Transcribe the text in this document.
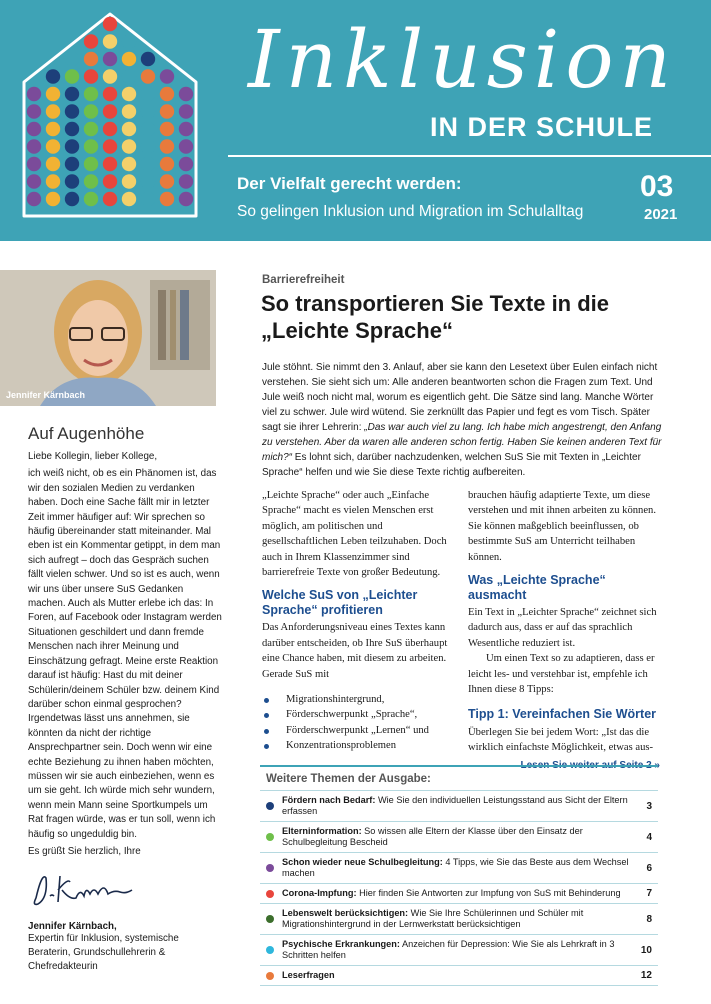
Inklusion
IN DER SCHULE
Der Vielfalt gerecht werden:
So gelingen Inklusion und Migration im Schulalltag
03
2021
Jennifer Kärnbach
Auf Augenhöhe

Liebe Kollegin, lieber Kollege,

ich weiß nicht, ob es ein Phänomen ist, das wir den sozialen Medien zu verdanken haben. Doch eine Sache fällt mir in letzter Zeit immer häufiger auf: Wir sprechen so häufig übereinander statt miteinander. Mal eben ist ein Kommentar getippt, in dem man sich aufregt – doch das Gespräch suchen fällt vielen schwer. Und so ist es auch, wenn wir uns über unsere SuS Gedanken machen. Auch als Mutter erlebe ich das: In Foren, auf Facebook oder Instagram werden Situationen geschildert und dann fremde Menschen nach ihrer Meinung und Einschätzung gefragt. Meine erste Reaktion darauf ist häufig: Hast du mit deiner Schülerin/deinem Schüler bzw. deinem Kind darüber schon einmal gesprochen? Irgendetwas lässt uns annehmen, sie könnten da nicht der richtige Ansprechpartner sein. Doch wenn wir eine echte Beziehung zu ihnen haben möchten, müssen wir sie auch einbeziehen, wenn es um sie geht. Ich würde mich sehr wundern, wenn mein Mann seine Sportkumpels um Rat fragen würde, was er tun soll, wenn ich häufig so ungeduldig bin.

Es grüßt Sie herzlich, Ihre

Jennifer Kärnbach,
Expertin für Inklusion, systemische Beraterin, Grundschullehrerin & Chefredakteurin
Barrierefreiheit
So transportieren Sie Texte in die „Leichte Sprache“
Jule stöhnt. Sie nimmt den 3. Anlauf, aber sie kann den Lesetext über Eulen einfach nicht verstehen. Sie sieht sich um: Alle anderen beantworten schon die Fragen zum Text. Und Jule weiß noch nicht mal, worum es eigentlich geht. Die Sätze sind lang. Manche Wörter viel zu schwer. Jule wird wütend. Sie zerknüllt das Papier und fegt es vom Tisch. Später sagt sie ihrer Lehrerin: „Das war auch viel zu lang. Ich habe mich angestrengt, den Anfang zu verstehen. Aber da waren alle anderen schon fertig. Haben Sie keinen anderen Text für mich?“ Es lohnt sich, darüber nachzudenken, welchen SuS Sie mit Texten in „Leichter Sprache“ helfen und wie Sie diese Texte richtig aufbereiten.

„Leichte Sprache“ oder auch „Einfache Sprache“ macht es vielen Menschen erst möglich, am politischen und gesellschaftlichen Leben teilzuhaben. Doch auch in Ihrem Klassenzimmer sind barrierefreie Texte von großer Bedeutung.

Welche SuS von „Leichter Sprache“ profitieren

Das Anforderungsniveau eines Textes kann darüber entscheiden, ob Ihre SuS überhaupt eine Chance haben, mit diesem zu arbeiten. Gerade SuS mit

Migrationshintergrund,
Förderschwerpunkt „Sprache“,
Förderschwerpunkt „Lernen“ und
Konzentrationsproblemen

brauchen häufig adaptierte Texte, um diese verstehen und mit ihnen arbeiten zu können. Sie können maßgeblich beeinflussen, ob bestimmte SuS am Unterricht teilhaben können.

Was „Leichte Sprache“ ausmacht

Ein Text in „Leichter Sprache“ zeichnet sich dadurch aus, dass er auf das sprachlich Wesentliche reduziert ist.

Um einen Text so zu adaptieren, dass er leicht les- und verstehbar ist, empfehle ich Ihnen diese 8 Tipps:

Tipp 1: Vereinfachen Sie Wörter

Überlegen Sie bei jedem Wort: „Ist das die wirklich einfachste Möglichkeit, etwas aus-

Lesen Sie weiter auf Seite 2 »
Weitere Themen der Ausgabe:
Fördern nach Bedarf: Wie Sie den individuellen Leistungsstand aus Sicht der Eltern erfassen	3
Elterninformation: So wissen alle Eltern der Klasse über den Einsatz der Schulbegleitung Bescheid	4
Schon wieder neue Schulbegleitung: 4 Tipps, wie Sie das Beste aus dem Wechsel machen	6
Corona-Impfung: Hier finden Sie Antworten zur Impfung von SuS mit Behinderung	7
Lebenswelt berücksichtigen: Wie Sie Ihre Schülerinnen und Schüler mit Migrationshintergrund in der Lernwerkstatt berücksichtigen	8
Psychische Erkrankungen: Anzeichen für Depression: Wie Sie als Lehrkraft in 3 Schritten helfen	10
Leserfragen	12
